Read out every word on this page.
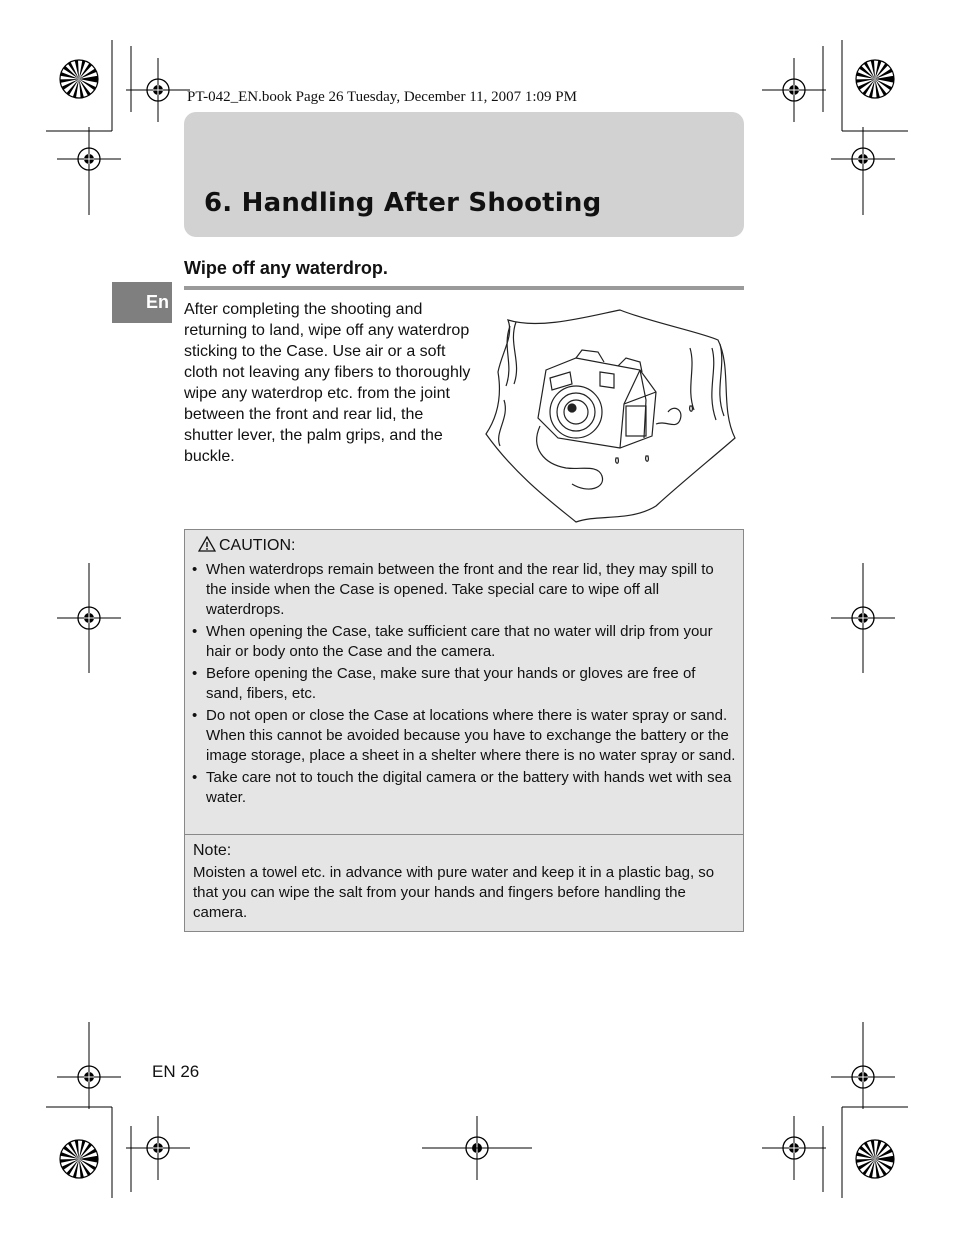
PT-042_EN.book Page 26 Tuesday, December 11, 2007 1:09 PM
6. Handling After Shooting
En
Wipe off any waterdrop.
After completing the shooting and returning to land, wipe off any waterdrop sticking to the Case. Use air or a soft cloth not leaving any fibers to thoroughly wipe any waterdrop etc. from the joint between the front and rear lid, the shutter lever, the palm grips, and the buckle.
CAUTION:
• When waterdrops remain between the front and the rear lid, they may spill to the inside when the Case is opened. Take special care to wipe off all waterdrops.
• When opening the Case, take sufficient care that no water will drip from your hair or body onto the Case and the camera.
• Before opening the Case, make sure that your hands or gloves are free of sand, fibers, etc.
• Do not open or close the Case at locations where there is water spray or sand. When this cannot be avoided because you have to exchange the battery or the image storage, place a sheet in a shelter where there is no water spray or sand.
• Take care not to touch the digital camera or the battery with hands wet with sea water.
Note:
Moisten a towel etc. in advance with pure water and keep it in a plastic bag, so that you can wipe the salt from your hands and fingers before handling the camera.
EN 26
